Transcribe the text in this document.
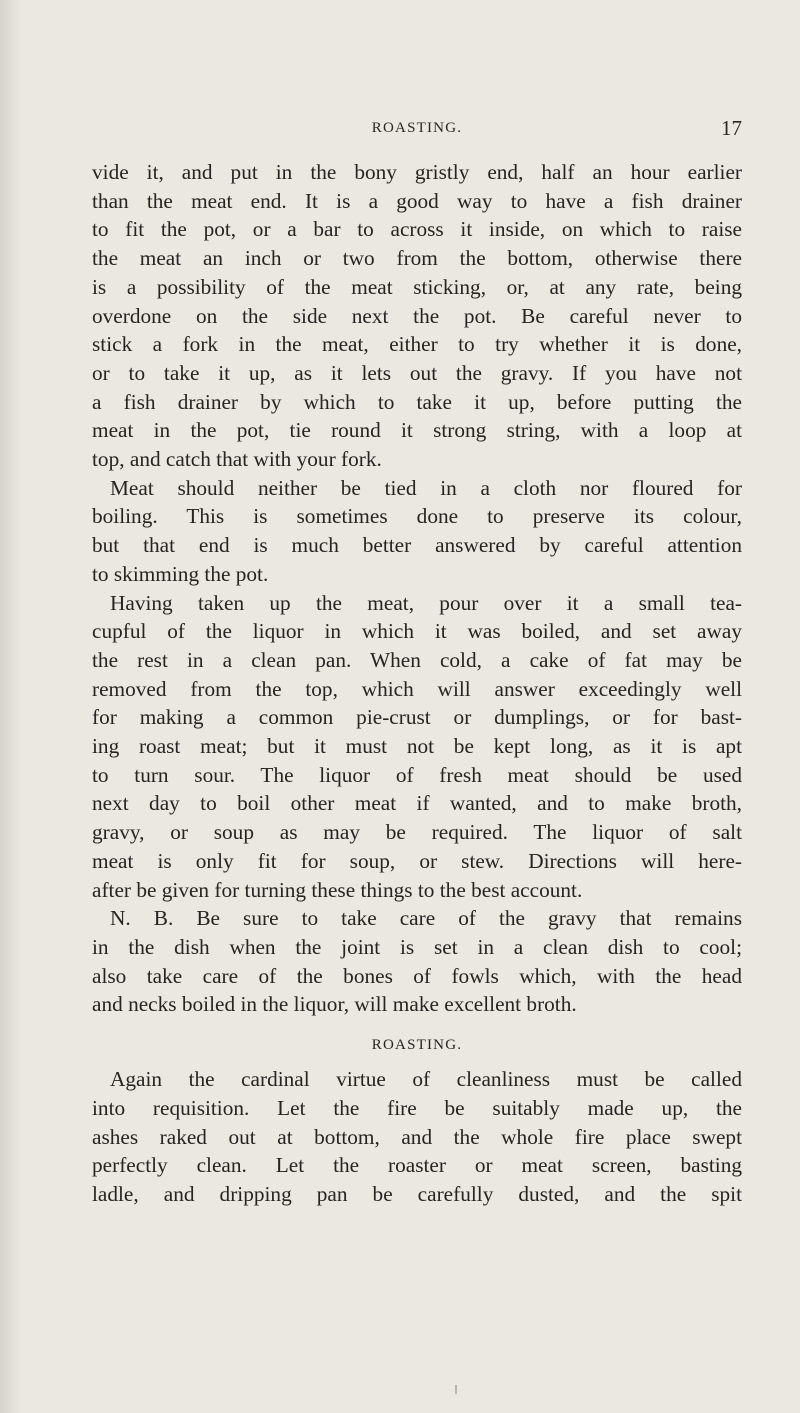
ROASTING.	17
vide it, and put in the bony gristly end, half an hour earlier
than the meat end. It is a good way to have a fish drainer
to fit the pot, or a bar to across it inside, on which to raise
the meat an inch or two from the bottom, otherwise there
is a possibility of the meat sticking, or, at any rate, being
overdone on the side next the pot. Be careful never to
stick a fork in the meat, either to try whether it is done,
or to take it up, as it lets out the gravy. If you have not
a fish drainer by which to take it up, before putting the
meat in the pot, tie round it strong string, with a loop at
top, and catch that with your fork.
Meat should neither be tied in a cloth nor floured for
boiling. This is sometimes done to preserve its colour,
but that end is much better answered by careful attention
to skimming the pot.
Having taken up the meat, pour over it a small tea-
cupful of the liquor in which it was boiled, and set away
the rest in a clean pan. When cold, a cake of fat may be
removed from the top, which will answer exceedingly well
for making a common pie-crust or dumplings, or for bast-
ing roast meat; but it must not be kept long, as it is apt
to turn sour. The liquor of fresh meat should be used
next day to boil other meat if wanted, and to make broth,
gravy, or soup as may be required. The liquor of salt
meat is only fit for soup, or stew. Directions will here-
after be given for turning these things to the best account.
N. B. Be sure to take care of the gravy that remains
in the dish when the joint is set in a clean dish to cool;
also take care of the bones of fowls which, with the head
and necks boiled in the liquor, will make excellent broth.
ROASTING.
Again the cardinal virtue of cleanliness must be called
into requisition. Let the fire be suitably made up, the
ashes raked out at bottom, and the whole fire place swept
perfectly clean. Let the roaster or meat screen, basting
ladle, and dripping pan be carefully dusted, and the spit
